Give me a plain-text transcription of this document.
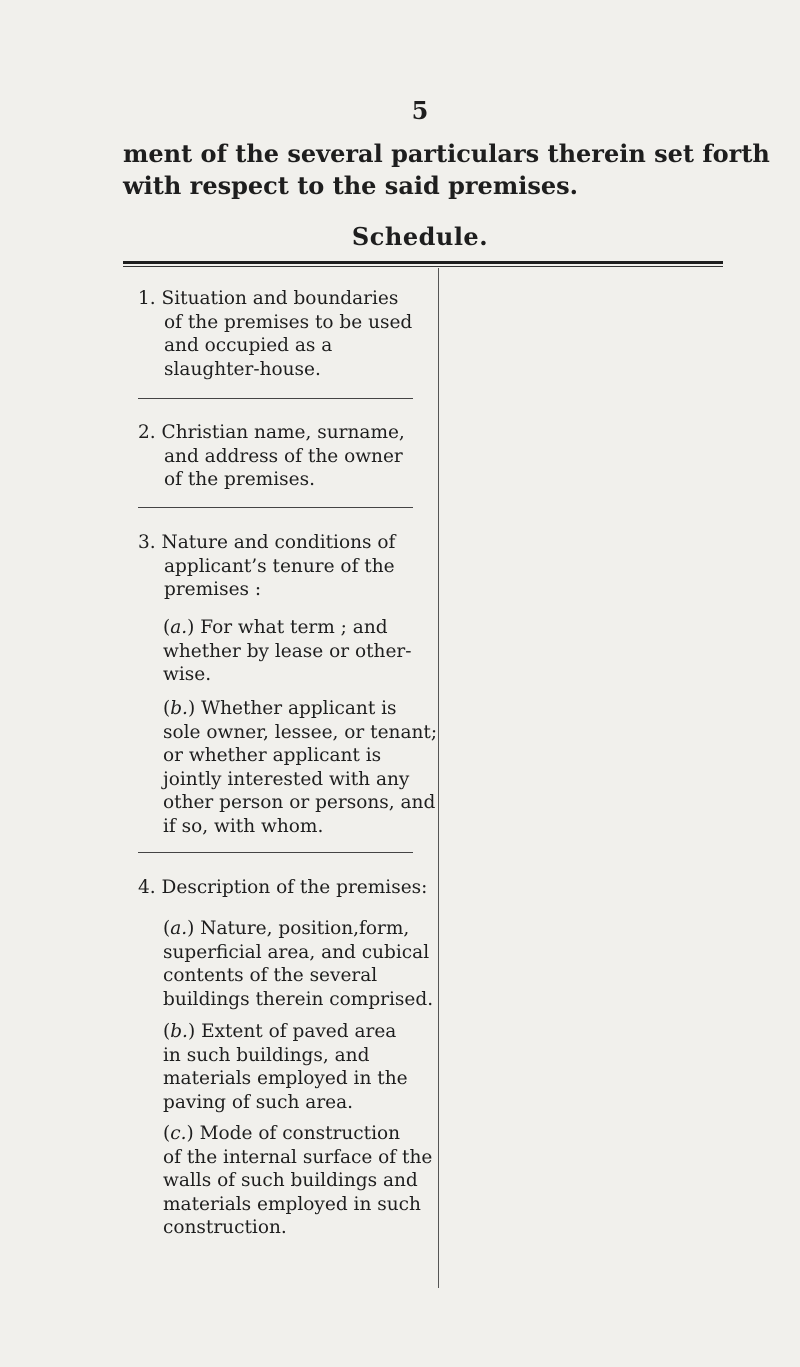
5
ment of the several particulars therein set forth
with respect to the said premises.
Schedule.
1. Situation and boundaries
of the premises to be used
and occupied as a
slaughter-house.
2. Christian name, surname,
and address of the owner
of the premises.
3. Nature and conditions of
applicant’s tenure of the
premises :
(a.) For what term ; and
whether by lease or other-
wise.
(b.) Whether applicant is
sole owner, lessee, or tenant;
or whether applicant is
jointly interested with any
other person or persons, and
if so, with whom.
4. Description of the premises:
(a.) Nature, position,form,
superficial area, and cubical
contents of the several
buildings therein comprised.
(b.) Extent of paved area
in such buildings, and
materials employed in the
paving of such area.
(c.) Mode of construction
of the internal surface of the
walls of such buildings and
materials employed in such
construction.
